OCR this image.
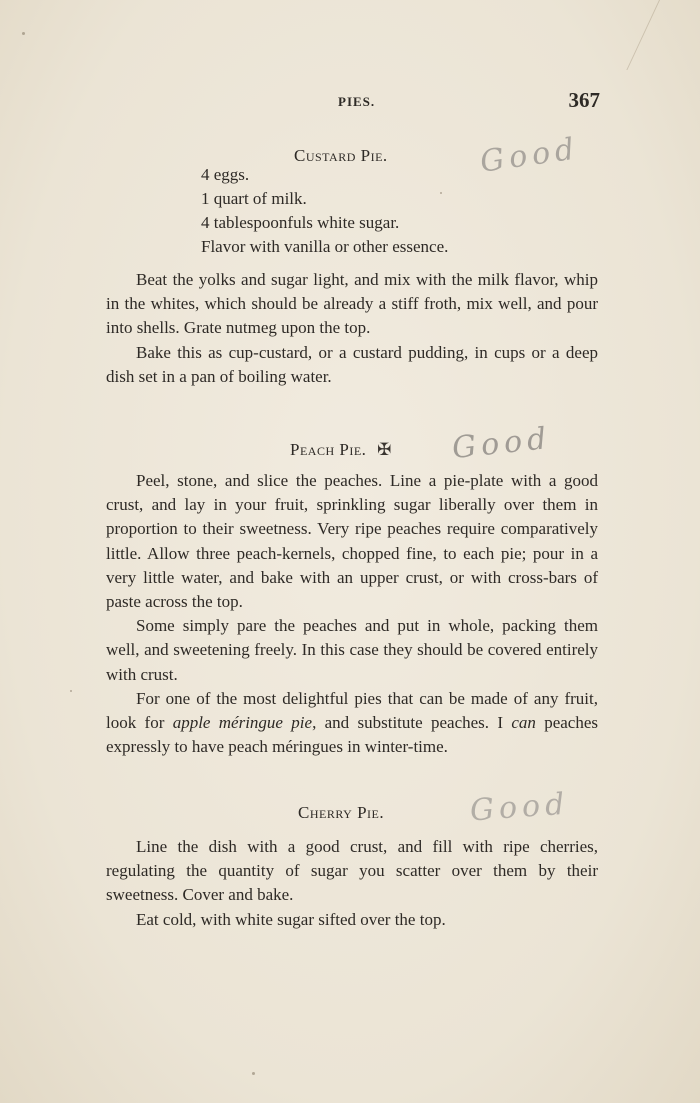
PIES.	367
Custard Pie.	Good
4 eggs.
1 quart of milk.
4 tablespoonfuls white sugar.
Flavor with vanilla or other essence.

Beat the yolks and sugar light, and mix with the milk flavor, whip in the whites, which should be already a stiff froth, mix well, and pour into shells. Grate nutmeg upon the top.

Bake this as cup-custard, or a custard pudding, in cups or a deep dish set in a pan of boiling water.

Peach Pie. ✠ Good

Peel, stone, and slice the peaches. Line a pie-plate with a good crust, and lay in your fruit, sprinkling sugar liberally over them in proportion to their sweetness. Very ripe peaches require comparatively little. Allow three peach-kernels, chopped fine, to each pie; pour in a very little water, and bake with an upper crust, or with cross-bars of paste across the top.

Some simply pare the peaches and put in whole, packing them well, and sweetening freely. In this case they should be covered entirely with crust.

For one of the most delightful pies that can be made of any fruit, look for apple méringue pie, and substitute peaches. I can peaches expressly to have peach méringues in winter-time.

Cherry Pie.	Good

Line the dish with a good crust, and fill with ripe cherries, regulating the quantity of sugar you scatter over them by their sweetness. Cover and bake.

Eat cold, with white sugar sifted over the top.
